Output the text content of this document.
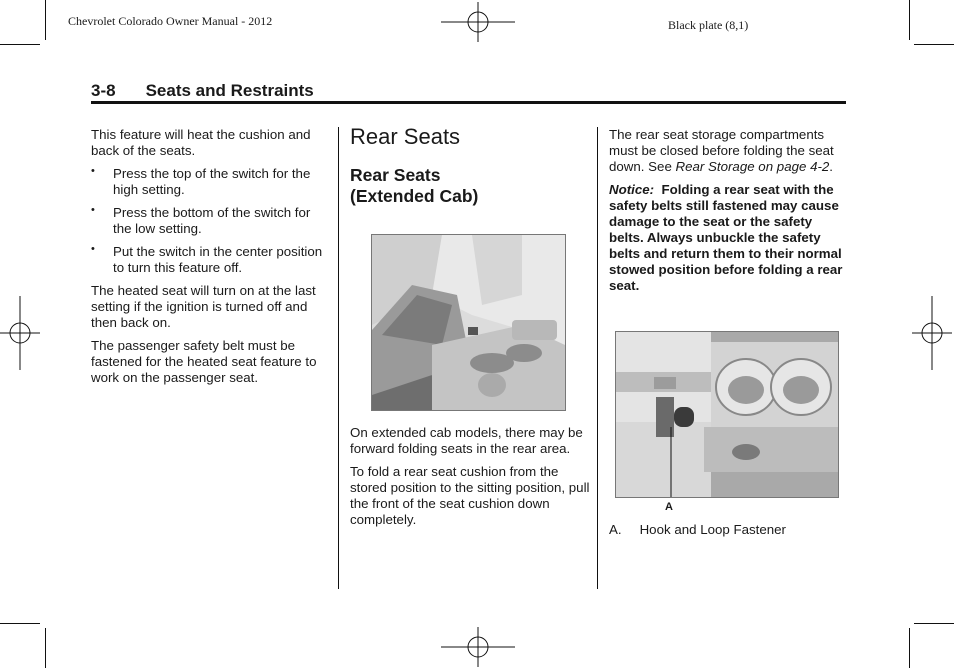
Chevrolet Colorado Owner Manual - 2012	Black plate (8,1)
3-8 Seats and Restraints

This feature will heat the cushion and back of the seats.

• Press the top of the switch for the high setting.
• Press the bottom of the switch for the low setting.
• Put the switch in the center position to turn this feature off.

The heated seat will turn on at the last setting if the ignition is turned off and then back on.

The passenger safety belt must be fastened for the heated seat feature to work on the passenger seat.

Rear Seats
Rear Seats
(Extended Cab)

On extended cab models, there may be forward folding seats in the rear area.

To fold a rear seat cushion from the stored position to the sitting position, pull the front of the seat cushion down completely.

The rear seat storage compartments must be closed before folding the seat down. See Rear Storage on page 4-2.

Notice: Folding a rear seat with the safety belts still fastened may cause damage to the seat or the safety belts. Always unbuckle the safety belts and return them to their normal stowed position before folding a rear seat.

A
A. Hook and Loop Fastener
